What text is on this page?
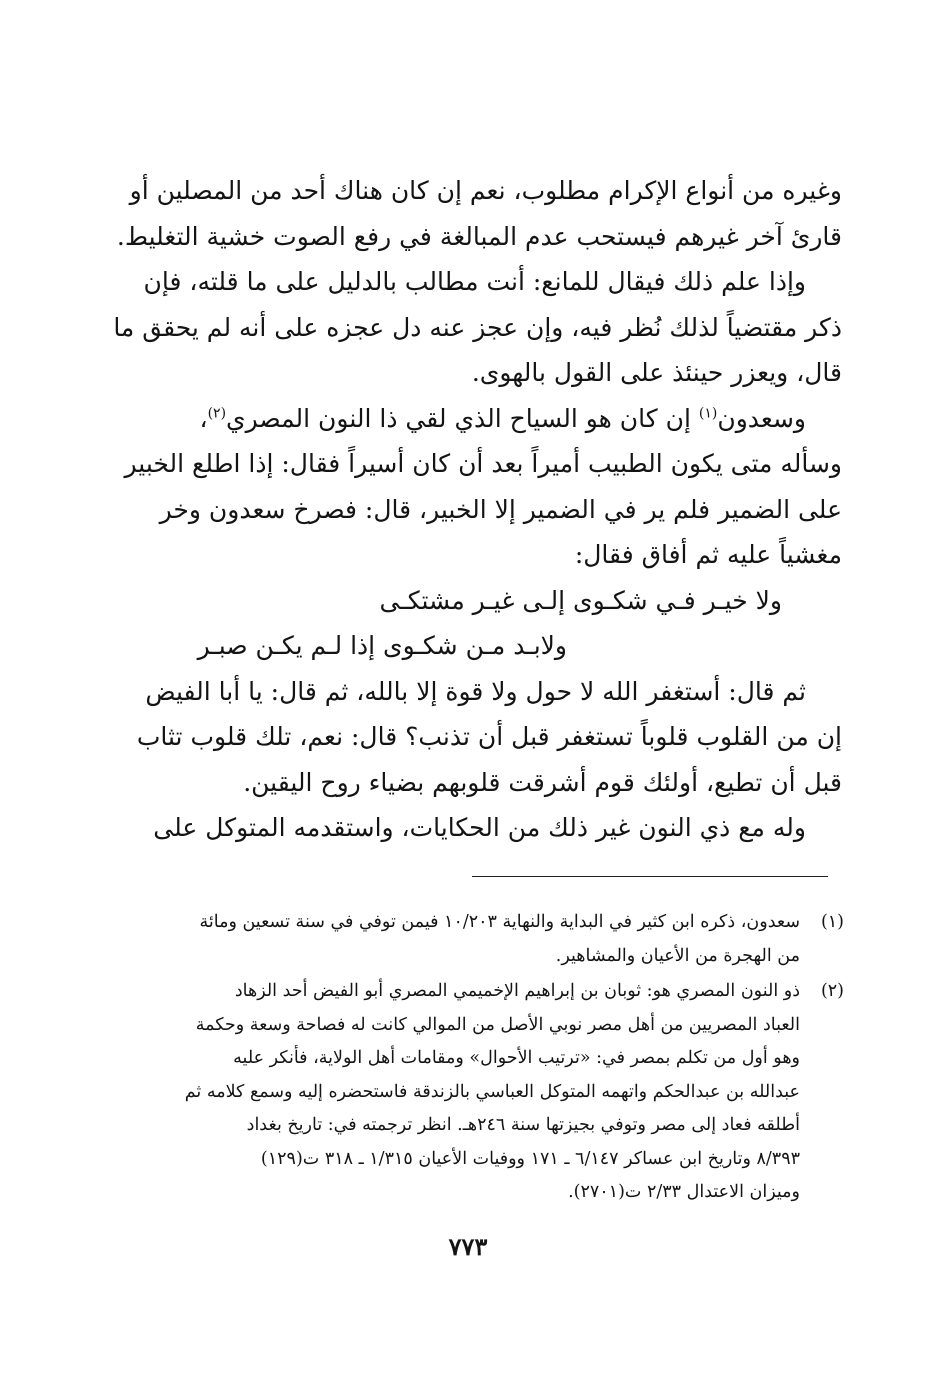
وغيره من أنواع الإكرام مطلوب، نعم إن كان هناك أحد من المصلين أو
قارئ آخر غيرهم فيستحب عدم المبالغة في رفع الصوت خشية التغليط.
وإذا علم ذلك فيقال للمانع: أنت مطالب بالدليل على ما قلته، فإن
ذكر مقتضياً لذلك نُظر فيه، وإن عجز عنه دل عجزه على أنه لم يحقق ما
قال، ويعزر حينئذ على القول بالهوى.
وسعدون$^{(١)}$ إن كان هو السياح الذي لقي ذا النون المصري$^{(٢)}$،
وسأله متى يكون الطبيب أميراً بعد أن كان أسيراً فقال: إذا اطلع الخبير
على الضمير فلم ير في الضمير إلا الخبير، قال: فصرخ سعدون وخر
مغشياً عليه ثم أفاق فقال:
ولا خيـر فـي شكـوى إلـى غيـر مشتكـى
ولابـد مـن شكـوى إذا لـم يكـن صبـر
ثم قال: أستغفر الله لا حول ولا قوة إلا بالله، ثم قال: يا أبا الفيض
إن من القلوب قلوباً تستغفر قبل أن تذنب؟ قال: نعم، تلك قلوب تثاب
قبل أن تطيع، أولئك قوم أشرقت قلوبهم بضياء روح اليقين.
وله مع ذي النون غير ذلك من الحكايات، واستقدمه المتوكل على
(١)
سعدون، ذكره ابن كثير في البداية والنهاية ١٠/٢٠٣ فيمن توفي في سنة تسعين ومائة
من الهجرة من الأعيان والمشاهير.
(٢)
ذو النون المصري هو: ثوبان بن إبراهيم الإخميمي المصري أبو الفيض أحد الزهاد
العباد المصريين من أهل مصر نوبي الأصل من الموالي كانت له فصاحة وسعة وحكمة
وهو أول من تكلم بمصر في: «ترتيب الأحوال» ومقامات أهل الولاية، فأنكر عليه
عبدالله بن عبدالحكم واتهمه المتوكل العباسي بالزندقة فاستحضره إليه وسمع كلامه ثم
أطلقه فعاد إلى مصر وتوفي بجيزتها سنة ٢٤٦هـ. انظر ترجمته في: تاريخ بغداد
٨/٣٩٣ وتاريخ ابن عساكر ٦/١٤٧ ـ ١٧١ ووفيات الأعيان ١/٣١٥ ـ ٣١٨ ت(١٢٩)
وميزان الاعتدال ٢/٣٣ ت(٢٧٠١).
٧٧٣
